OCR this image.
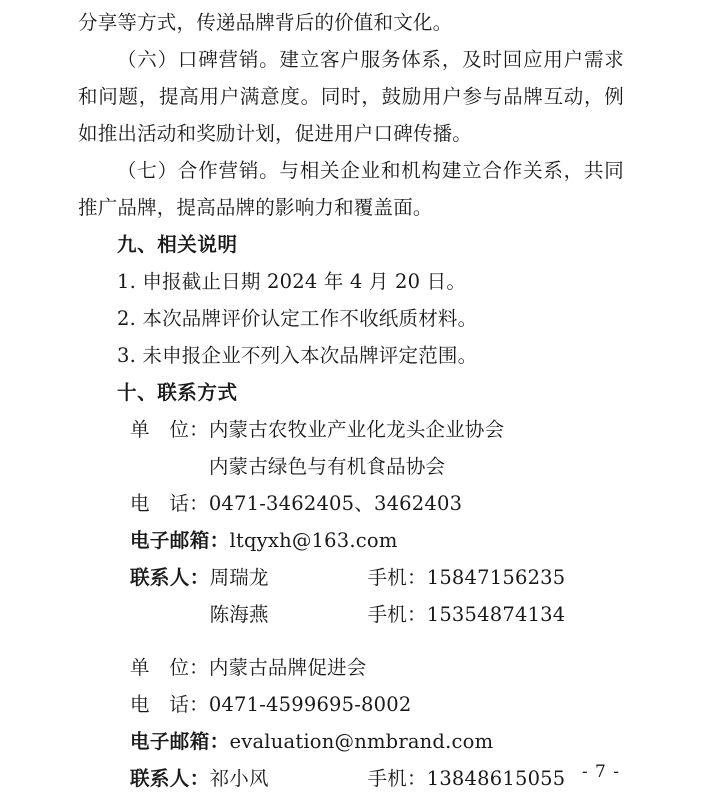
分享等方式，传递品牌背后的价值和文化。

（六）口碑营销。建立客户服务体系，及时回应用户需求和问题，提高用户满意度。同时，鼓励用户参与品牌互动，例如推出活动和奖励计划，促进用户口碑传播。

（七）合作营销。与相关企业和机构建立合作关系，共同推广品牌，提高品牌的影响力和覆盖面。

九、相关说明

1. 申报截止日期 2024 年 4 月 20 日。

2. 本次品牌评价认定工作不收纸质材料。

3. 未申报企业不列入本次品牌评定范围。

十、联系方式
单　位： 内蒙古农牧业产业化龙头企业协会
内蒙古绿色与有机食品协会
电　话： 0471-3462405、3462403
电子邮箱： ltqyxh@163.com
联系人： 周瑞龙	手机： 15847156235
陈海燕	手机： 15354874134
单　位： 内蒙古品牌促进会
电　话： 0471-4599695-8002
电子邮箱： evaluation@nmbrand.com
联系人： 祁小风	手机： 13848615055 - 7 -
